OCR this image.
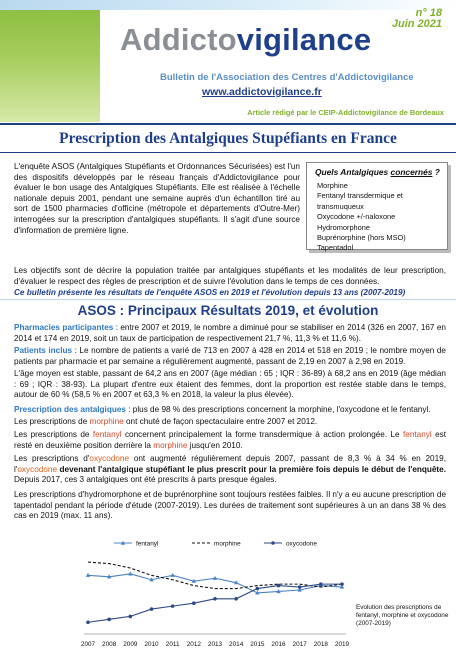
Addictovigilance
n° 18
Juin 2021
Bulletin de l'Association des Centres d'Addictovigilance
www.addictovigilance.fr
Article rédigé par le CEIP-Addictovigilance de Bordeaux
Prescription des Antalgiques Stupéfiants en France
L'enquête ASOS (Antalgiques Stupéfiants et Ordonnances Sécurisées) est l'un des dispositifs développés par le réseau français d'Addictovigilance pour évaluer le bon usage des Antalgiques Stupéfiants. Elle est réalisée à l'échelle nationale depuis 2001, pendant une semaine auprès d'un échantillon tiré au sort de 1500 pharmacies d'officine (métropole et départements d'Outre-Mer) interrogées sur la prescription d'antalgiques stupéfiants. Il s'agit d'une source d'information de première ligne.
Quels Antalgiques concernés ?
Morphine
Fentanyl transdermique et transmuqueux
Oxycodone +/-naloxone
Hydromorphone
Buprénorphine (hors MSO)
Tapentadol
Les objectifs sont de décrire la population traitée par antalgiques stupéfiants et les modalités de leur prescription, d'évaluer le respect des règles de prescription et de suivre l'évolution dans le temps de ces données.
Ce bulletin présente les résultats de l'enquête ASOS en 2019 et l'évolution depuis 13 ans (2007-2019)
ASOS : Principaux Résultats 2019, et évolution
Pharmacies participantes : entre 2007 et 2019, le nombre a diminué pour se stabiliser en 2014 (326 en 2007, 167 en 2014 et 174 en 2019, soit un taux de participation de respectivement 21,7 %, 11,3 % et 11,6 %).
Patients inclus : Le nombre de patients a varié de 713 en 2007 à 428 en 2014 et 518 en 2019 ; le nombre moyen de patients par pharmacie et par semaine a régulièrement augmenté, passant de 2,19 en 2007 à 2,98 en 2019.
L'âge moyen est stable, passant de 64,2 ans en 2007 (âge médian : 65 ; IQR : 36-89) à 68,2 ans en 2019 (âge médian : 69 ; IQR : 38-93). La plupart d'entre eux étaient des femmes, dont la proportion est restée stable dans le temps, autour de 60 % (58,5 % en 2007 et 63,3 % en 2018, la valeur la plus élevée).
Prescription des antalgiques : plus de 98 % des prescriptions concernent la morphine, l'oxycodone et le fentanyl.
Les prescriptions de morphine ont chuté de façon spectaculaire entre 2007 et 2012.
Les prescriptions de fentanyl concernent principalement la forme transdermique à action prolongée. Le fentanyl est resté en deuxième position derrière la morphine jusqu'en 2010.
Les prescriptions d'oxycodone ont augmenté régulièrement depuis 2007, passant de 8,3 % à 34 % en 2019, l'oxycodone devenant l'antalgique stupéfiant le plus prescrit pour la première fois depuis le début de l'enquête. Depuis 2017, ces 3 antalgiques ont été prescrits à parts presque égales.
Les prescriptions d'hydromorphone et de buprénorphine sont toujours restées faibles. Il n'y a eu aucune prescription de tapentadol pendant la période d'étude (2007-2019). Les durées de traitement sont supérieures à un an dans 38 % des cas en 2019 (max. 11 ans).
2007 2008 2009 2010 2011 2012 2013 2014 2015 2016 2017 2018 2019
fentanyl	morphine	oxycodone
Evolution des prescriptions de fentanyl, morphine et oxycodone (2007-2019)
